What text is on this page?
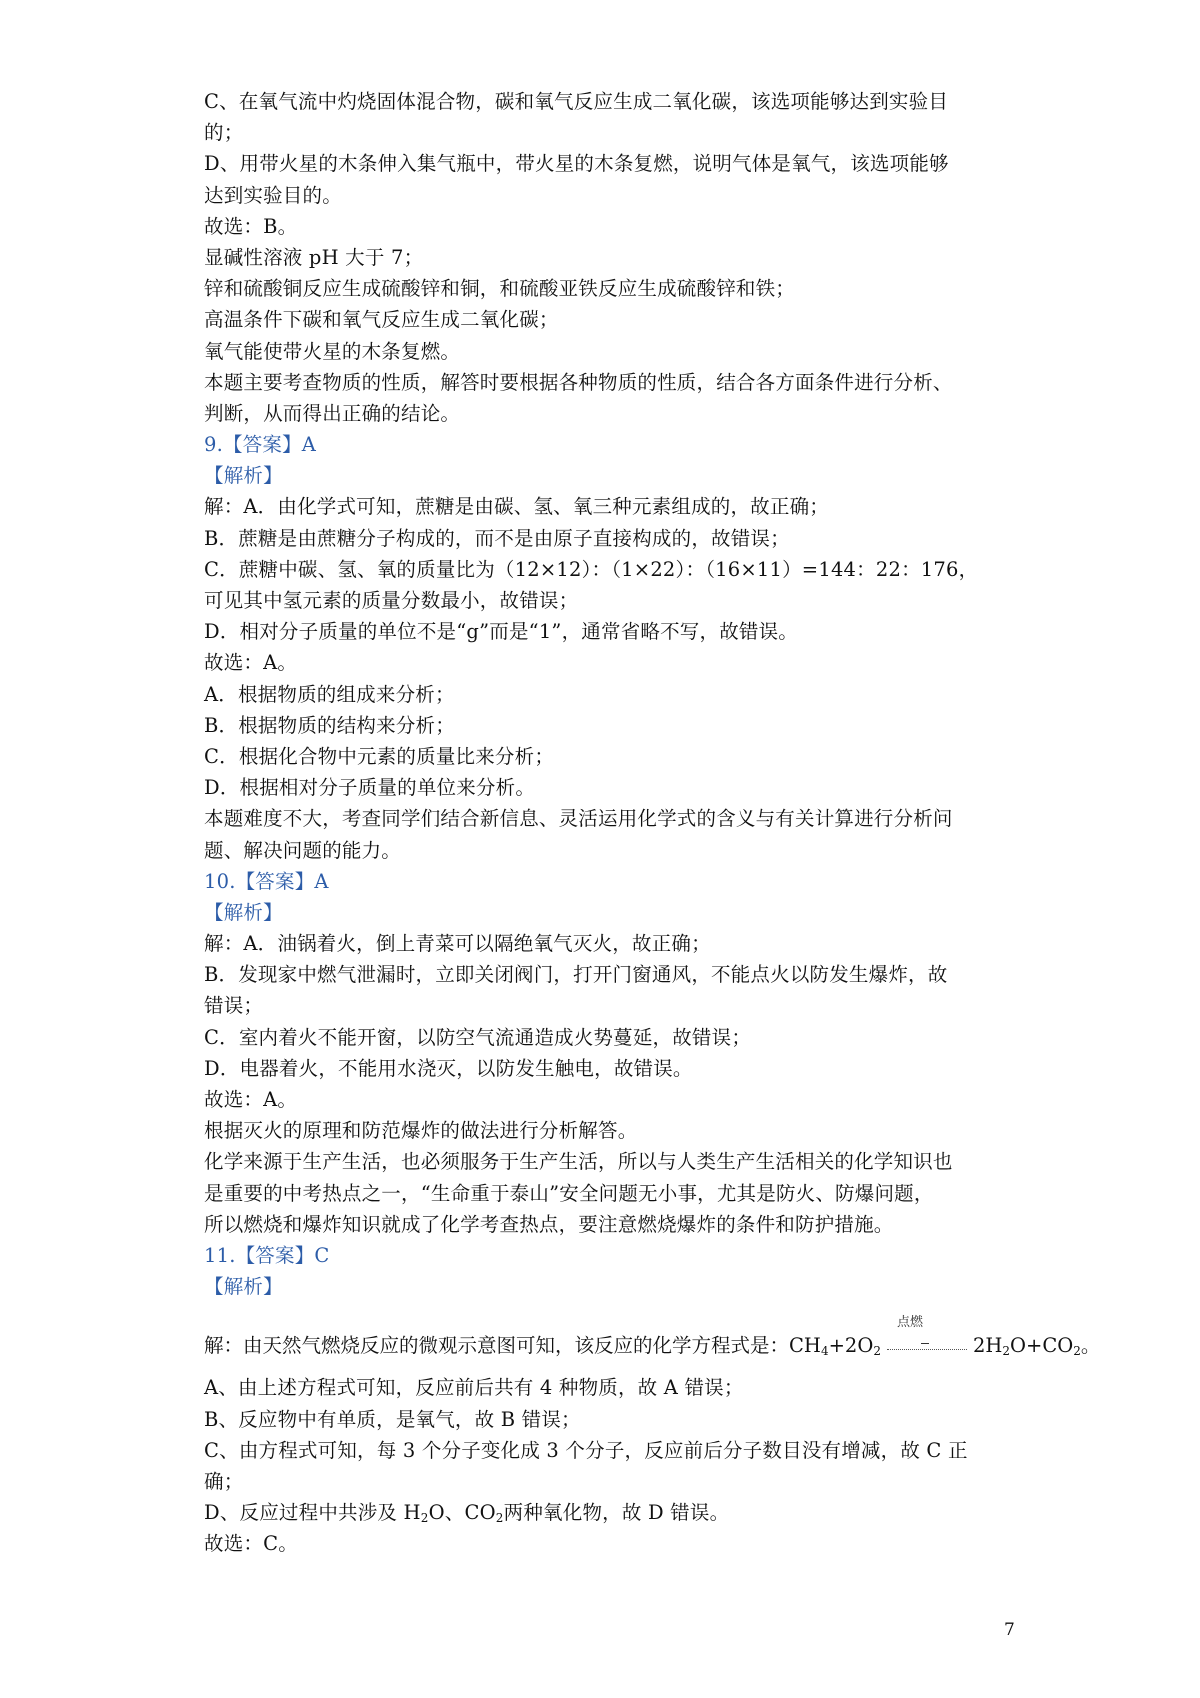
C、在氧气流中灼烧固体混合物，碳和氧气反应生成二氧化碳，该选项能够达到实验目
的；
D、用带火星的木条伸入集气瓶中，带火星的木条复燃，说明气体是氧气，该选项能够
达到实验目的。
故选：B。
显碱性溶液 pH 大于 7；
锌和硫酸铜反应生成硫酸锌和铜，和硫酸亚铁反应生成硫酸锌和铁；
高温条件下碳和氧气反应生成二氧化碳；
氧气能使带火星的木条复燃。
本题主要考查物质的性质，解答时要根据各种物质的性质，结合各方面条件进行分析、
判断，从而得出正确的结论。
9.【答案】A
【解析】
解：A．由化学式可知，蔗糖是由碳、氢、氧三种元素组成的，故正确；
B．蔗糖是由蔗糖分子构成的，而不是由原子直接构成的，故错误；
C．蔗糖中碳、氢、氧的质量比为（12×12）：（1×22）：（16×11）=144：22：176，
可见其中氢元素的质量分数最小，故错误；
D．相对分子质量的单位不是“g”而是“1”，通常省略不写，故错误。
故选：A。
A．根据物质的组成来分析；
B．根据物质的结构来分析；
C．根据化合物中元素的质量比来分析；
D．根据相对分子质量的单位来分析。
本题难度不大，考查同学们结合新信息、灵活运用化学式的含义与有关计算进行分析问
题、解决问题的能力。
10.【答案】A
【解析】
解：A．油锅着火，倒上青菜可以隔绝氧气灭火，故正确；
B．发现家中燃气泄漏时，立即关闭阀门，打开门窗通风，不能点火以防发生爆炸，故
错误；
C．室内着火不能开窗，以防空气流通造成火势蔓延，故错误；
D．电器着火，不能用水浇灭，以防发生触电，故错误。
故选：A。
根据灭火的原理和防范爆炸的做法进行分析解答。
化学来源于生产生活，也必须服务于生产生活，所以与人类生产生活相关的化学知识也
是重要的中考热点之一，“生命重于泰山”安全问题无小事，尤其是防火、防爆问题，
所以燃烧和爆炸知识就成了化学考查热点，要注意燃烧爆炸的条件和防护措施。
11.【答案】C
【解析】
解：由天然气燃烧反应的微观示意图可知，该反应的化学方程式是：$CH_4+2O_2$
点燃
$2H_2O+CO_2$。
A、由上述方程式可知，反应前后共有 4 种物质，故 A 错误；
B、反应物中有单质，是氧气，故 B 错误；
C、由方程式可知，每 3 个分子变化成 3 个分子，反应前后分子数目没有增减，故 C 正
确；
D、反应过程中共涉及 $H_2O$、$CO_2$两种氧化物，故 D 错误。
故选：C。
7
